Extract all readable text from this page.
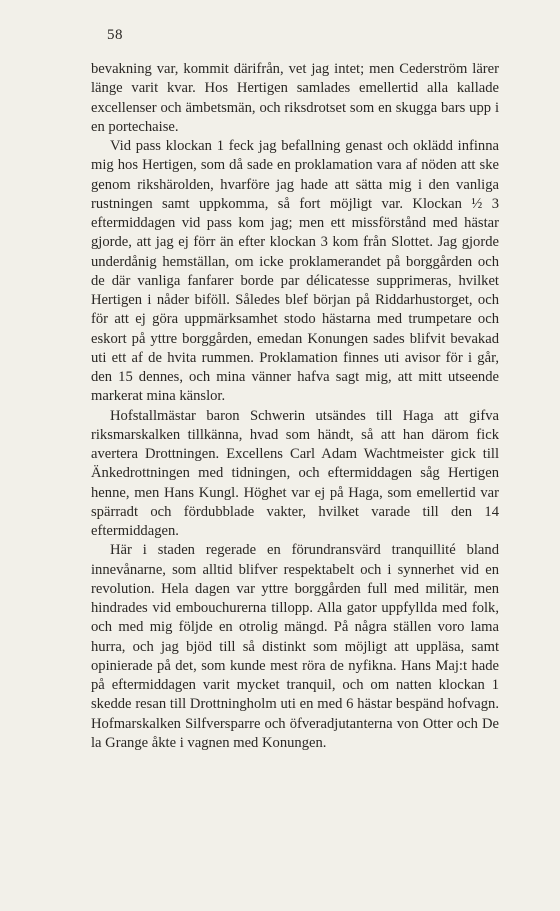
58

bevakning var, kommit därifrån, vet jag intet; men Cederström lärer länge varit kvar. Hos Hertigen samlades emellertid alla kallade excellenser och ämbetsmän, och riksdrotset som en skugga bars upp i en portechaise.

Vid pass klockan 1 feck jag befallning genast och oklädd infinna mig hos Hertigen, som då sade en proklamation vara af nöden att ske genom rikshärolden, hvarföre jag hade att sätta mig i den vanliga rustningen samt uppkomma, så fort möjligt var. Klockan ½ 3 eftermiddagen vid pass kom jag; men ett missförstånd med hästar gjorde, att jag ej förr än efter klockan 3 kom från Slottet. Jag gjorde underdånig hemställan, om icke proklamerandet på borggården och de där vanliga fanfarer borde par délicatesse supprimeras, hvilket Hertigen i nåder biföll. Således blef början på Riddarhustorget, och för att ej göra uppmärksamhet stodo hästarna med trumpetare och eskort på yttre borggården, emedan Konungen sades blifvit bevakad uti ett af de hvita rummen. Proklamation finnes uti avisor för i går, den 15 dennes, och mina vänner hafva sagt mig, att mitt utseende markerat mina känslor.

Hofstallmästar baron Schwerin utsändes till Haga att gifva riksmarskalken tillkänna, hvad som händt, så att han därom fick avertera Drottningen. Excellens Carl Adam Wachtmeister gick till Änkedrottningen med tidningen, och eftermiddagen såg Hertigen henne, men Hans Kungl. Höghet var ej på Haga, som emellertid var spärradt och fördubblade vakter, hvilket varade till den 14 eftermiddagen.

Här i staden regerade en förundransvärd tranquillité bland innevånarne, som alltid blifver respektabelt och i synnerhet vid en revolution. Hela dagen var yttre borggården full med militär, men hindrades vid embouchurerna tillopp. Alla gator uppfyllda med folk, och med mig följde en otrolig mängd. På några ställen voro lama hurra, och jag bjöd till så distinkt som möjligt att uppläsa, samt opinierade på det, som kunde mest röra de nyfikna. Hans Maj:t hade på eftermiddagen varit mycket tranquil, och om natten klockan 1 skedde resan till Drottningholm uti en med 6 hästar bespänd hofvagn. Hofmarskalken Silfversparre och öfveradjutanterna von Otter och De la Grange åkte i vagnen med Konungen.
